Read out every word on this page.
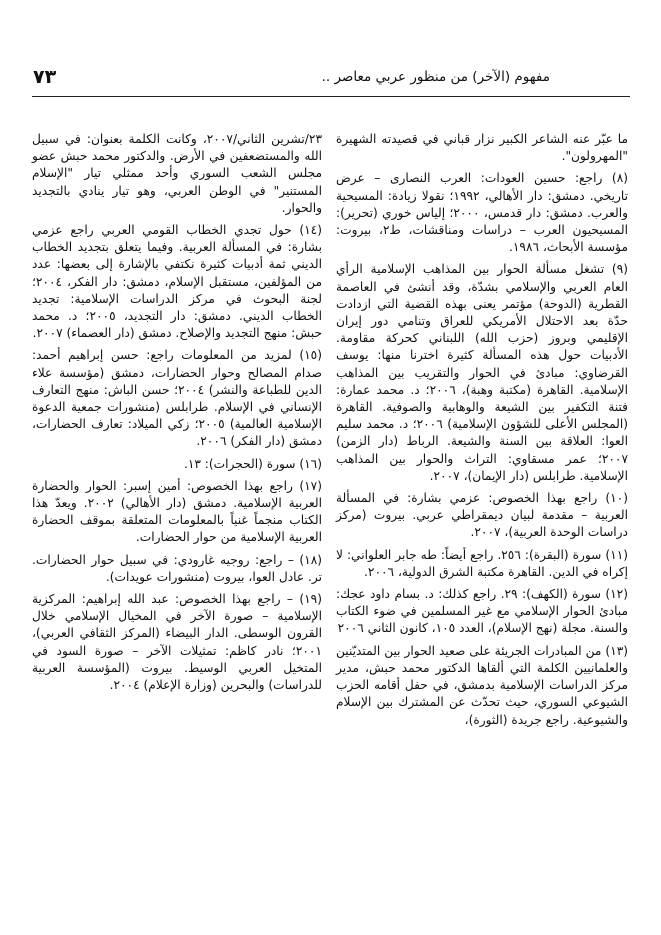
مفهوم (الآخر) من منظور عربي معاصر ..
٧٣

ما عبّر عنه الشاعر الكبير نزار قباني في قصيدته الشهيرة "المهرولون".

(٨) راجع: حسين العودات: العرب النصارى – عرض تاريخي. دمشق: دار الأهالي، ١٩٩٢؛ نقولا زيادة: المسيحية والعرب. دمشق: دار قدمس، ٢٠٠٠؛ إلياس خوري (تحرير): المسيحيون العرب – دراسات ومناقشات، ط٢، بيروت: مؤسسة الأبحاث، ١٩٨٦.

(٩) تشغل مسألة الحوار بين المذاهب الإسلامية الرأي العام العربي والإسلامي بشدّة، وقد أنشئ في العاصمة القطرية (الدوحة) مؤتمر يعنى بهذه القضية التي ازدادت حدّة بعد الاحتلال الأمريكي للعراق وتنامي دور إيران الإقليمي وبروز (حزب الله) اللبناني كحركة مقاومة. الأدبيات حول هذه المسألة كثيرة اخترنا منها: يوسف القرضاوي: مبادئ في الحوار والتقريب بين المذاهب الإسلامية. القاهرة (مكتبة وهبة)، ٢٠٠٦؛ د. محمد عمارة: فتنة التكفير بين الشيعة والوهابية والصوفية. القاهرة (المجلس الأعلى للشؤون الإسلامية) ٢٠٠٦؛ د. محمد سليم العوا: العلاقة بين السنة والشيعة. الرباط (دار الزمن) ٢٠٠٧؛ عمر مسقاوي: التراث والحوار بين المذاهب الإسلامية. طرابلس (دار الإيمان)، ٢٠٠٧.

(١٠) راجع بهذا الخصوص: عزمي بشارة: في المسألة العربية – مقدمة لبيان ديمقراطي عربي. بيروت (مركز دراسات الوحدة العربية)، ٢٠٠٧.

(١١) سورة (البقرة): ٢٥٦. راجع أيضاً: طه جابر العلواني: لا إكراه في الدين. القاهرة مكتبة الشرق الدولية، ٢٠٠٦.

(١٢) سورة (الكهف): ٢٩. راجع كذلك: د. بسام داود عجك: مبادئ الحوار الإسلامي مع غير المسلمين في ضوء الكتاب والسنة. مجلة (نهج الإسلام)، العدد ١٠٥، كانون الثاني ٢٠٠٦

(١٣) من المبادرات الجريئة على صعيد الحوار بين المتديّنين والعلمانيين الكلمة التي ألقاها الدكتور محمد حبش، مدير مركز الدراسات الإسلامية بدمشق، في حفل أقامه الحزب الشيوعي السوري، حيث تحدّث عن المشترك بين الإسلام والشيوعية. راجع جريدة (الثورة)،

٢٣/تشرين الثاني/٢٠٠٧، وكانت الكلمة بعنوان: في سبيل الله والمستضعفين في الأرض. والدكتور محمد حبش عضو مجلس الشعب السوري وأحد ممثلي تيار "الإسلام المستنير" في الوطن العربي، وهو تيار ينادي بالتجديد والحوار.

(١٤) حول تجدي الخطاب القومي العربي راجع عزمي بشارة: في المسألة العربية. وفيما يتعلق بتجديد الخطاب الديني ثمة أدبيات كثيرة نكتفي بالإشارة إلى بعضها: عدد من المؤلفين، مستقبل الإسلام، دمشق: دار الفكر، ٢٠٠٤؛ لجنة البحوث في مركز الدراسات الإسلامية: تجديد الخطاب الديني. دمشق: دار التجديد، ٢٠٠٥؛ د. محمد حبش: منهج التجديد والإصلاح. دمشق (دار العصماء) ٢٠٠٧.

(١٥) لمزيد من المعلومات راجع: حسن إبراهيم أحمد: صدام المصالح وحوار الحضارات، دمشق (مؤسسة علاء الدين للطباعة والنشر) ٢٠٠٤؛ حسن الباش: منهج التعارف الإنساني في الإسلام. طرابلس (منشورات جمعية الدعوة الإسلامية العالمية) ٢٠٠٥؛ زكي الميلاد: تعارف الحضارات، دمشق (دار الفكر) ٢٠٠٦.

(١٦) سورة (الحجرات): ١٣.

(١٧) راجع بهذا الخصوص: أمين إسبر: الحوار والحضارة العربية الإسلامية. دمشق (دار الأهالي) ٢٠٠٢. ويعدّ هذا الكتاب منجماً غنياً بالمعلومات المتعلقة بموقف الحضارة العربية الإسلامية من حوار الحضارات.

(١٨) – راجع: روجيه غارودي: في سبيل حوار الحضارات. تر. عادل العوا، بيروت (منشورات عويدات).

(١٩) – راجع بهذا الخصوص: عبد الله إبراهيم: المركزية الإسلامية – صورة الآخر في المخيال الإسلامي خلال القرون الوسطى. الدار البيضاء (المركز الثقافي العربي)، ٢٠٠١؛ نادر كاظم: تمثيلات الآخر – صورة السود في المتخيل العربي الوسيط. بيروت (المؤسسة العربية للدراسات) والبحرين (وزارة الإعلام) ٢٠٠٤.
